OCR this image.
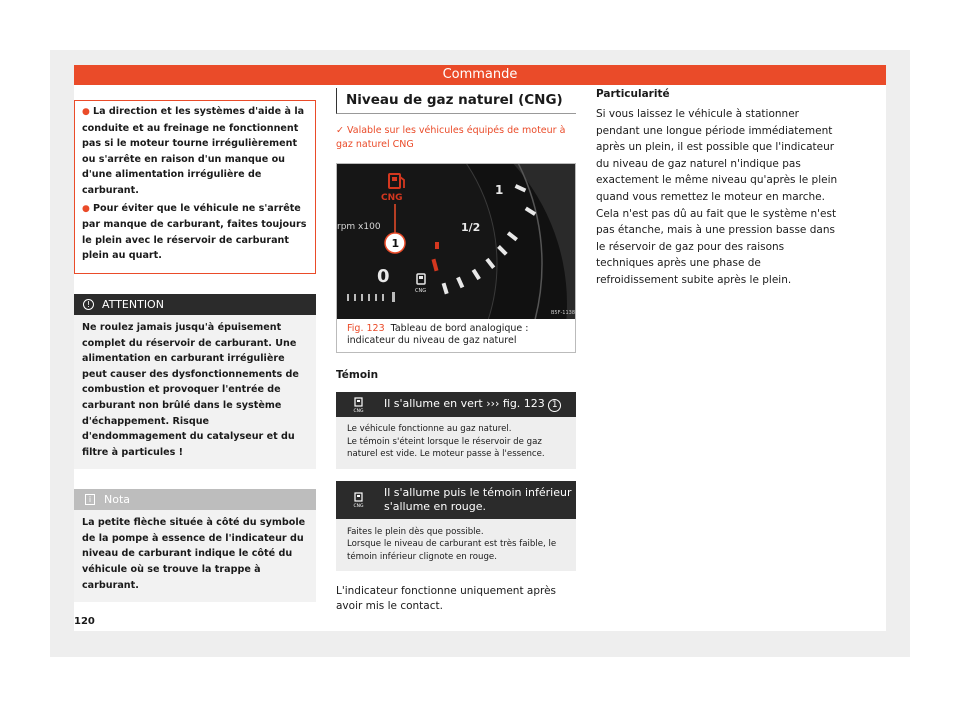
Commande

● La direction et les systèmes d'aide à la conduite et au freinage ne fonctionnent pas si le moteur tourne irrégulièrement ou s'arrête en raison d'un manque ou d'une alimentation irrégulière de carburant.

● Pour éviter que le véhicule ne s'arrête par manque de carburant, faites toujours le plein avec le réservoir de carburant plein au quart.

!	ATTENTION
Ne roulez jamais jusqu'à épuisement complet du réservoir de carburant. Une alimentation en carburant irrégulière peut causer des dysfonctionnements de combustion et provoquer l'entrée de carburant non brûlé dans le système d'échappement. Risque d'endommagement du catalyseur et du filtre à particules !
i	Nota
La petite flèche située à côté du symbole de la pompe à essence de l'indicateur du niveau de carburant indique le côté du véhicule où se trouve la trappe à carburant.
Niveau de gaz naturel (CNG)
✓ Valable sur les véhicules équipés de moteur à gaz naturel CNG
1
1/2
0
rpm x100
CNG
CNG
1
B5F-1138
Fig. 123 Tableau de bord analogique : indicateur du niveau de gaz naturel
Témoin
CNG
Il s'allume en vert ››› fig. 123 1
Le véhicule fonctionne au gaz naturel.
Le témoin s'éteint lorsque le réservoir de gaz naturel est vide. Le moteur passe à l'essence.
CNG
Il s'allume puis le témoin inférieur s'allume en rouge.
Faites le plein dès que possible.
Lorsque le niveau de carburant est très faible, le témoin inférieur clignote en rouge.
L'indicateur fonctionne uniquement après avoir mis le contact.
Particularité
Si vous laissez le véhicule à stationner pendant une longue période immédiatement après un plein, il est possible que l'indicateur du niveau de gaz naturel n'indique pas exactement le même niveau qu'après le plein quand vous remettez le moteur en marche. Cela n'est pas dû au fait que le système n'est pas étanche, mais à une pression basse dans le réservoir de gaz pour des raisons techniques après une phase de refroidissement subite après le plein.
120
